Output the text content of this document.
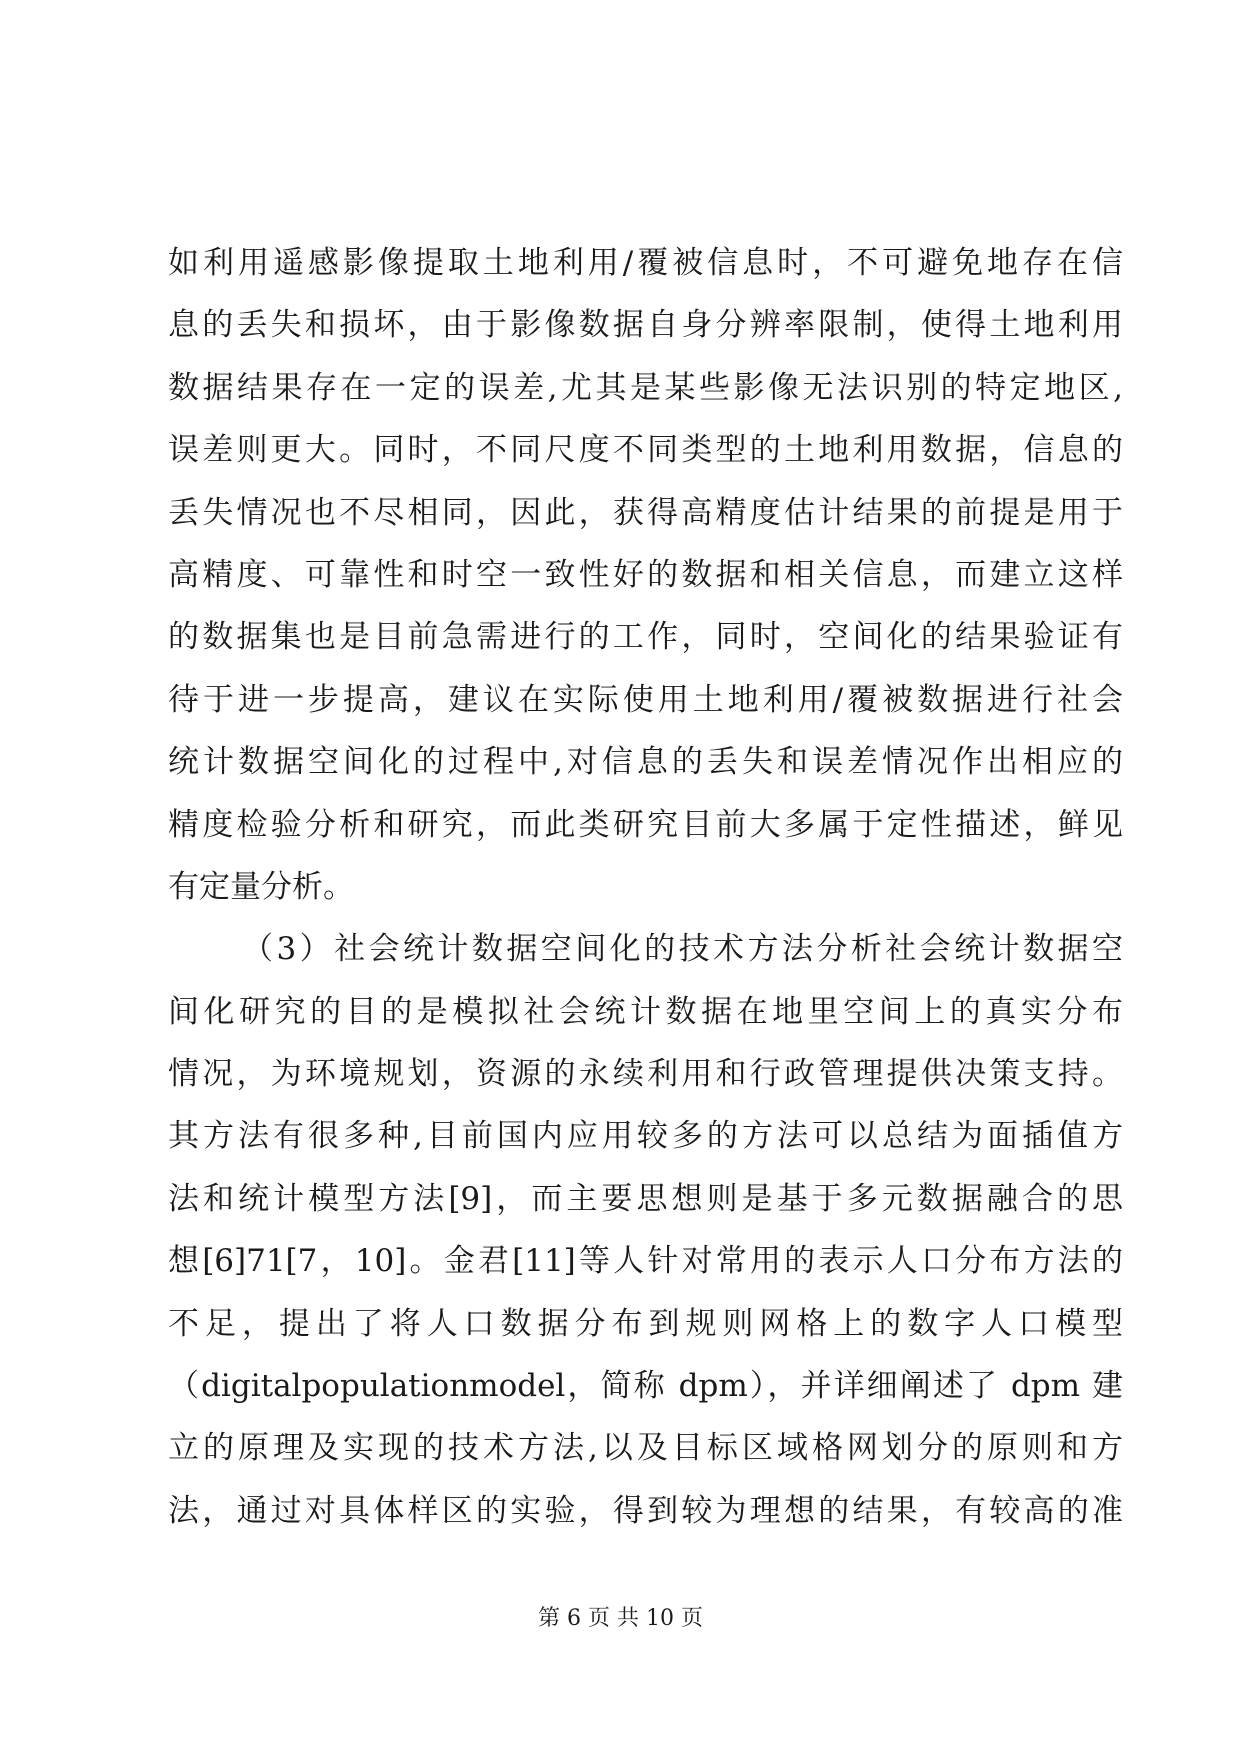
如利用遥感影像提取土地利用/覆被信息时，不可避免地存在信
息的丢失和损坏，由于影像数据自身分辨率限制，使得土地利用
数据结果存在一定的误差,尤其是某些影像无法识别的特定地区,
误差则更大。同时，不同尺度不同类型的土地利用数据，信息的
丢失情况也不尽相同，因此，获得高精度估计结果的前提是用于
高精度、可靠性和时空一致性好的数据和相关信息，而建立这样
的数据集也是目前急需进行的工作，同时，空间化的结果验证有
待于进一步提高，建议在实际使用土地利用/覆被数据进行社会
统计数据空间化的过程中,对信息的丢失和误差情况作出相应的
精度检验分析和研究，而此类研究目前大多属于定性描述，鲜见
有定量分析。
（3）社会统计数据空间化的技术方法分析社会统计数据空
间化研究的目的是模拟社会统计数据在地里空间上的真实分布
情况，为环境规划，资源的永续利用和行政管理提供决策支持。
其方法有很多种,目前国内应用较多的方法可以总结为面插值方
法和统计模型方法[9]，而主要思想则是基于多元数据融合的思
想[6]71[7，10]。金君[11]等人针对常用的表示人口分布方法的
不足，提出了将人口数据分布到规则网格上的数字人口模型
（digitalpopulationmodel，简称 dpm），并详细阐述了 dpm 建
立的原理及实现的技术方法,以及目标区域格网划分的原则和方
法，通过对具体样区的实验，得到较为理想的结果，有较高的准
第 6 页 共 10 页
